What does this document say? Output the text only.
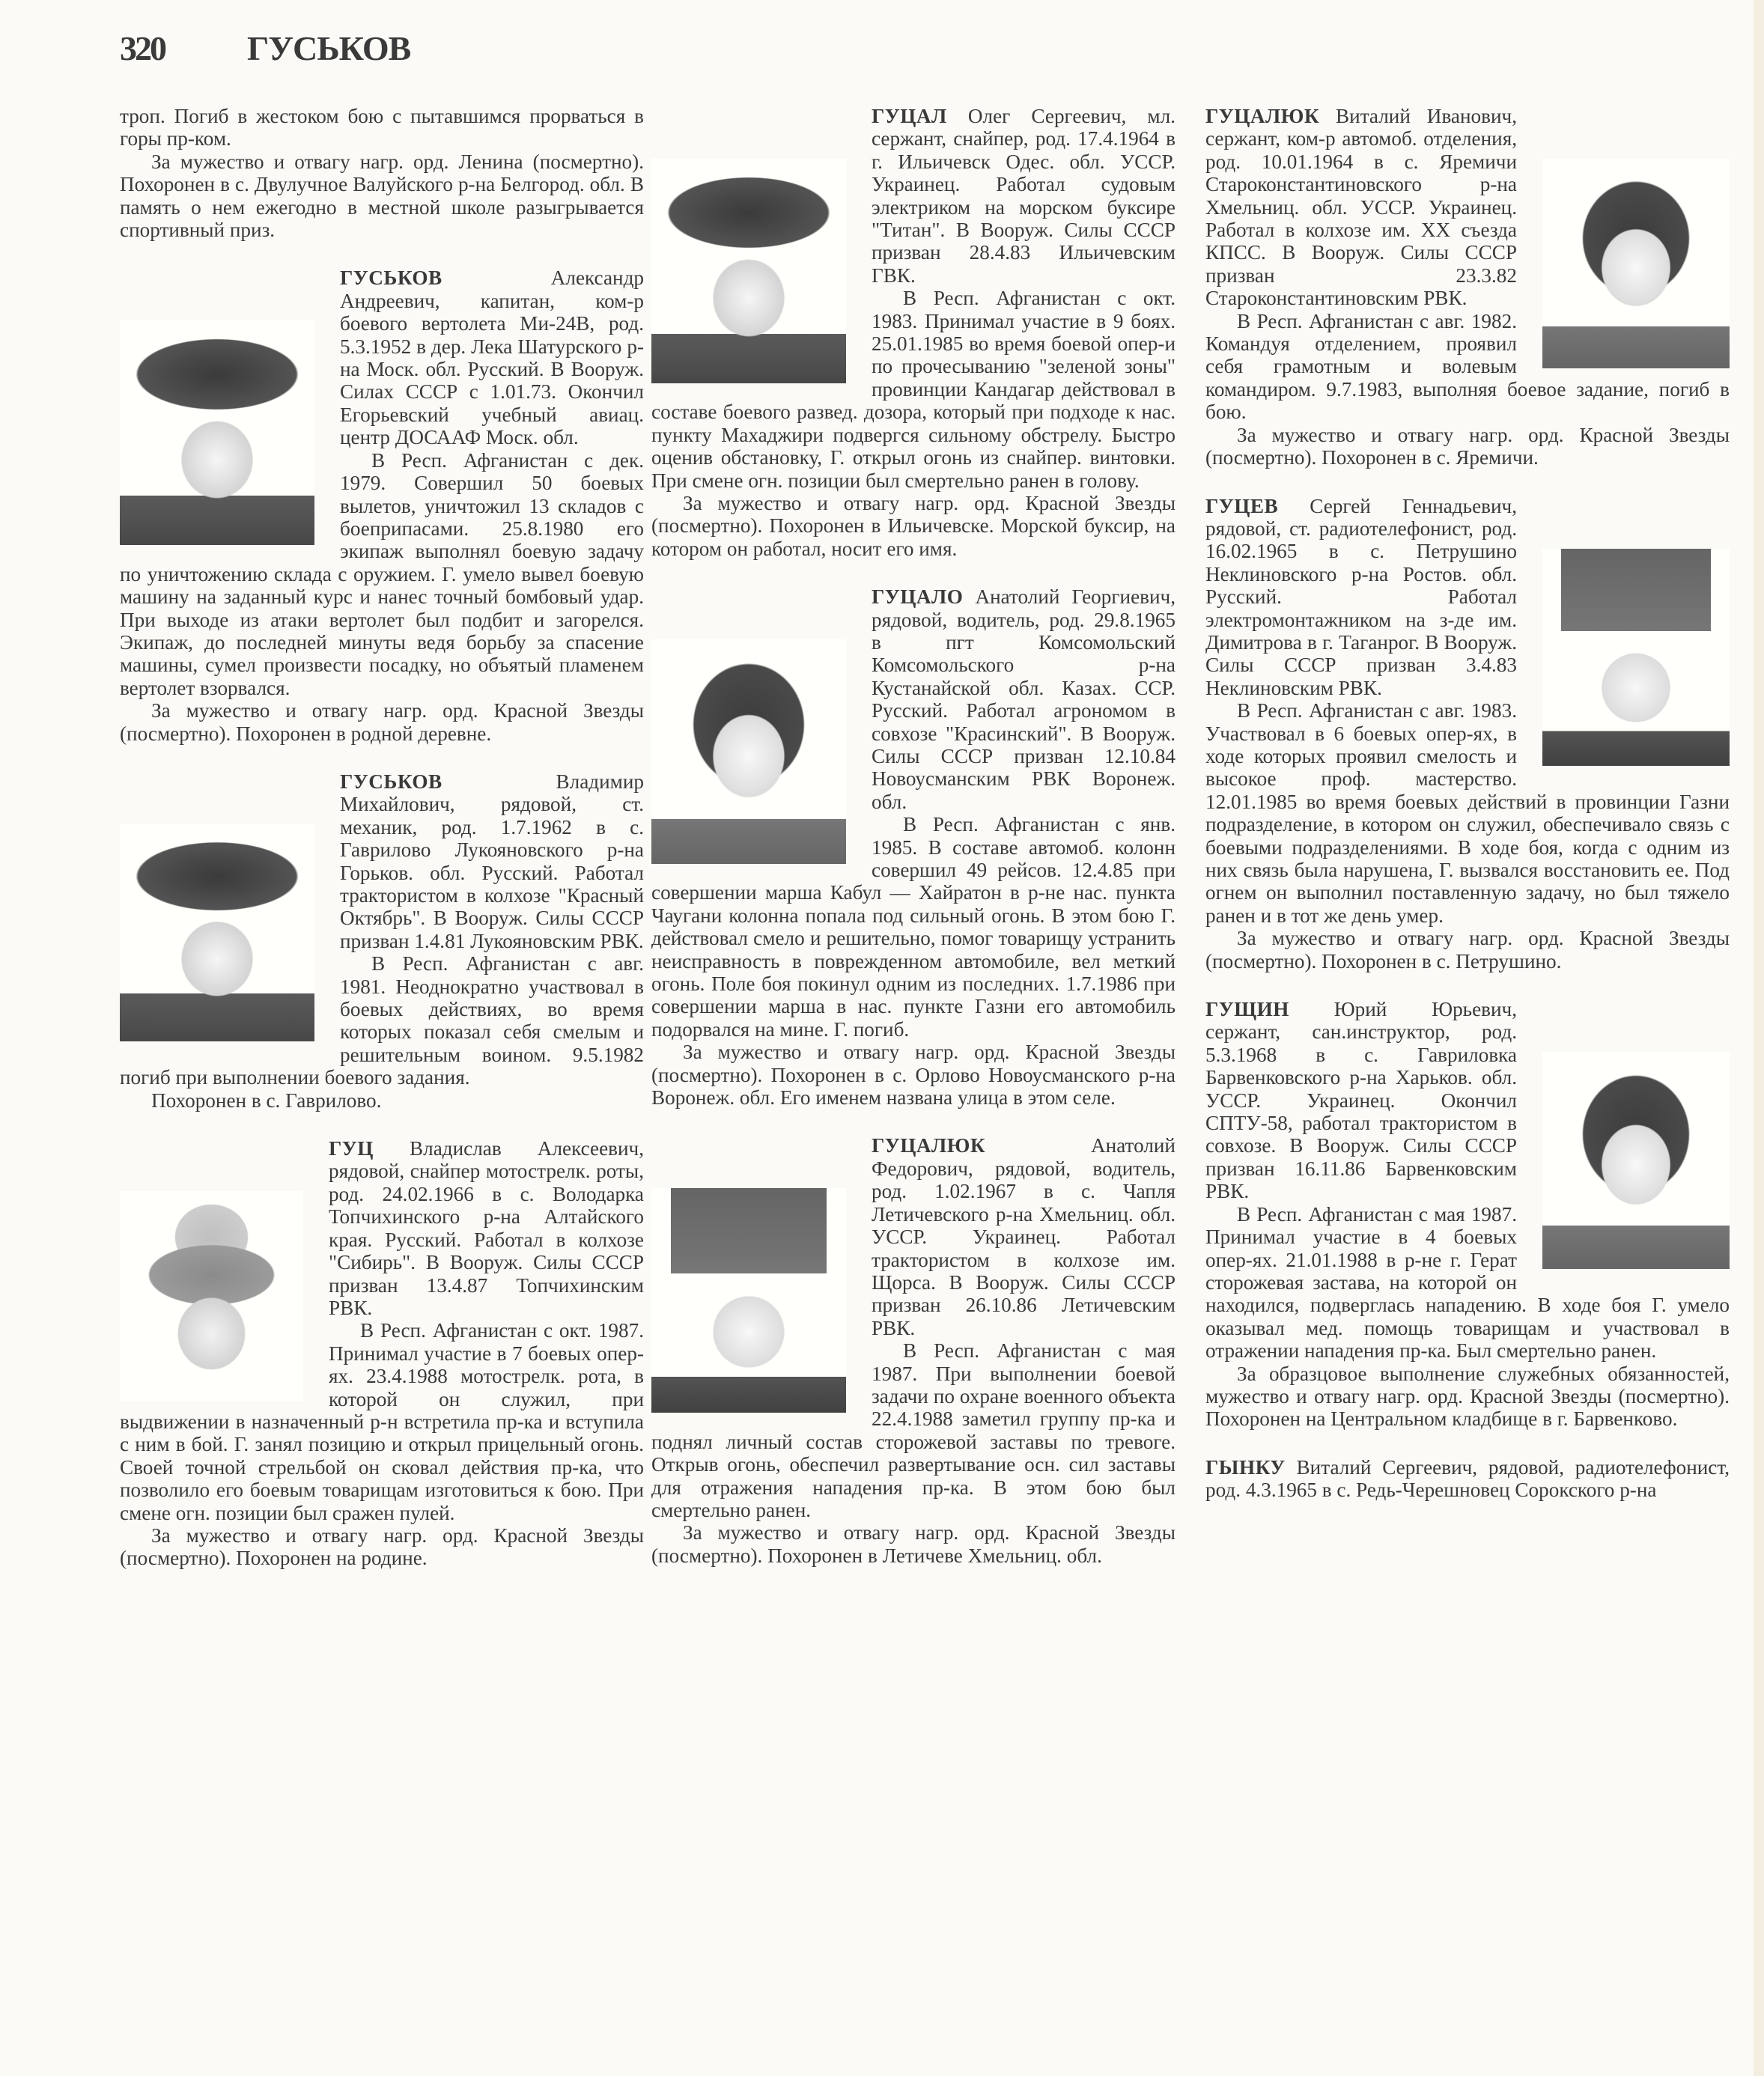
320 ГУСЬКОВ

троп. Погиб в жестоком бою с пытавшимся прорваться в горы пр-ком.

За мужество и отвагу нагр. орд. Ленина (посмертно). Похоронен в с. Двулучное Валуйского р-на Белгород. обл. В память о нем ежегодно в местной школе разыгрывается спортивный приз.

ГУСЬКОВ	Александр Андреевич, капитан, ком-р боевого вертолета Ми-24В, род. 5.3.1952 в дер. Лека Шатурского р-на Моск. обл. Русский. В Вооруж. Силах СССР с 1.01.73. Окончил Егорьевский учебный авиац. центр ДОСААФ Моск. обл.

В Респ. Афганистан с дек. 1979. Совершил 50 боевых вылетов, уничтожил 13 складов с боеприпасами. 25.8.1980 его экипаж выполнял боевую задачу по уничтожению склада с оружием. Г. умело вывел боевую машину на заданный курс и нанес точный бомбовый удар. При выходе из атаки вертолет был подбит и загорелся. Экипаж, до последней минуты ведя борьбу за спасение машины, сумел произвести посадку, но объятый пламенем вертолет взорвался.

За мужество и отвагу нагр. орд. Красной Звезды (посмертно). Похоронен в родной деревне.

ГУСЬКОВ	Владимир Михайлович, рядовой, ст. механик, род. 1.7.1962 в с. Гаврилово Лукояновского р-на Горьков. обл. Русский. Работал трактористом в колхозе "Красный Октябрь". В Вооруж. Силы СССР призван 1.4.81 Лукояновским РВК.

В Респ. Афганистан с авг. 1981. Неоднократно участвовал в боевых действиях, во время которых показал себя смелым и решительным воином. 9.5.1982 погиб при выполнении боевого задания.

Похоронен в с. Гаврилово.

ГУЦ Владислав Алексеевич, рядовой, снайпер мотострелк. роты, род. 24.02.1966 в с. Володарка Топчихинского р-на Алтайского края. Русский. Работал в колхозе "Сибирь". В Вооруж. Силы СССР призван 13.4.87 Топчихинским РВК.

В Респ. Афганистан с окт. 1987. Принимал участие в 7 боевых опер-ях. 23.4.1988 мотострелк. рота, в которой он служил, при выдвижении в назначенный р-н встретила пр-ка и вступила с ним в бой. Г. занял позицию и открыл прицельный огонь. Своей точной стрельбой он сковал действия пр-ка, что позволило его боевым товарищам изготовиться к бою. При смене огн. позиции был сражен пулей.

За мужество и отвагу нагр. орд. Красной Звезды (посмертно). Похоронен на родине.

ГУЦАЛ Олег Сергеевич, мл. сержант, снайпер, род. 17.4.1964 в г. Ильичевск Одес. обл. УССР. Украинец. Работал судовым электриком на морском буксире "Титан". В Вооруж. Силы СССР призван 28.4.83 Ильичевским ГВК.

В Респ. Афганистан с окт. 1983. Принимал участие в 9 боях. 25.01.1985 во время боевой опер-и по прочесыванию "зеленой зоны" провинции Кандагар действовал в составе боевого развед. дозора, который при подходе к нас. пункту Махаджири подвергся сильному обстрелу. Быстро оценив обстановку, Г. открыл огонь из снайпер. винтовки. При смене огн. позиции был смертельно ранен в голову.

За мужество и отвагу нагр. орд. Красной Звезды (посмертно). Похоронен в Ильичевске. Морской буксир, на котором он работал, носит его имя.

ГУЦАЛО Анатолий Георгиевич, рядовой, водитель, род. 29.8.1965 в пгт Комсомольский Комсомольского р-на Кустанайской обл. Казах. ССР. Русский. Работал агрономом в совхозе "Красинский". В Вооруж. Силы СССР призван 12.10.84 Новоусманским РВК Воронеж. обл.

В Респ. Афганистан с янв. 1985. В составе автомоб. колонн совершил 49 рейсов. 12.4.85 при совершении марша Кабул — Хайратон в р-не нас. пункта Чаугани колонна попала под сильный огонь. В этом бою Г. действовал смело и решительно, помог товарищу устранить неисправность в поврежденном автомобиле, вел меткий огонь. Поле боя покинул одним из последних. 1.7.1986 при совершении марша в нас. пункте Газни его автомобиль подорвался на мине. Г. погиб.

За мужество и отвагу нагр. орд. Красной Звезды (посмертно). Похоронен в с. Орлово Новоусманского р-на Воронеж. обл. Его именем названа улица в этом селе.

ГУЦАЛЮК	Анатолий Федорович, рядовой, водитель, род. 1.02.1967 в с. Чапля Летичевского р-на Хмельниц. обл. УССР. Украинец. Работал трактористом в колхозе им. Щорса. В Вооруж. Силы СССР призван 26.10.86 Летичевским РВК.

В Респ. Афганистан с мая 1987. При выполнении боевой задачи по охране военного объекта 22.4.1988 заметил группу пр-ка и поднял личный состав сторожевой заставы по тревоге. Открыв огонь, обеспечил развертывание осн. сил заставы для отражения нападения пр-ка. В этом бою был смертельно ранен.

За мужество и отвагу нагр. орд. Красной Звезды (посмертно). Похоронен в Летичеве Хмельниц. обл.

ГУЦАЛЮК Виталий Иванович, сержант, ком-р автомоб. отделения, род. 10.01.1964 в с. Яремичи Староконстантиновского р-на Хмельниц. обл. УССР. Украинец. Работал в колхозе им. XX съезда КПСС. В Вооруж. Силы СССР призван 23.3.82 Староконстантиновским РВК.

В Респ. Афганистан с авг. 1982. Командуя отделением, проявил себя грамотным и волевым командиром. 9.7.1983, выполняя боевое задание, погиб в бою.

За мужество и отвагу нагр. орд. Красной Звезды (посмертно). Похоронен в с. Яремичи.

ГУЦЕВ Сергей Геннадьевич, рядовой, ст. радиотелефонист, род. 16.02.1965 в с. Петрушино Неклиновского р-на Ростов. обл. Русский. Работал электромонтажником на з-де им. Димитрова в г. Таганрог. В Вооруж. Силы СССР призван 3.4.83 Неклиновским РВК.

В Респ. Афганистан с авг. 1983. Участвовал в 6 боевых опер-ях, в ходе которых проявил смелость и высокое проф. мастерство. 12.01.1985 во время боевых действий в провинции Газни подразделение, в котором он служил, обеспечивало связь с боевыми подразделениями. В ходе боя, когда с одним из них связь была нарушена, Г. вызвался восстановить ее. Под огнем он выполнил поставленную задачу, но был тяжело ранен и в тот же день умер.

За мужество и отвагу нагр. орд. Красной Звезды (посмертно). Похоронен в с. Петрушино.

ГУЩИН Юрий Юрьевич, сержант, сан.инструктор, род. 5.3.1968 в с. Гавриловка Барвенковского р-на Харьков. обл. УССР. Украинец. Окончил СПТУ-58, работал трактористом в совхозе. В Вооруж. Силы СССР призван 16.11.86 Барвенковским РВК.

В Респ. Афганистан с мая 1987. Принимал участие в 4 боевых опер-ях. 21.01.1988 в р-не г. Герат сторожевая застава, на которой он находился, подверглась нападению. В ходе боя Г. умело оказывал мед. помощь товарищам и участвовал в отражении нападения пр-ка. Был смертельно ранен.

За образцовое выполнение служебных обязанностей, мужество и отвагу нагр. орд. Красной Звезды (посмертно). Похоронен на Центральном кладбище в г. Барвенково.

ГЫНКУ Виталий Сергеевич, рядовой, радиотелефонист, род. 4.3.1965 в с. Редь-Черешновец Сорокского р-на
